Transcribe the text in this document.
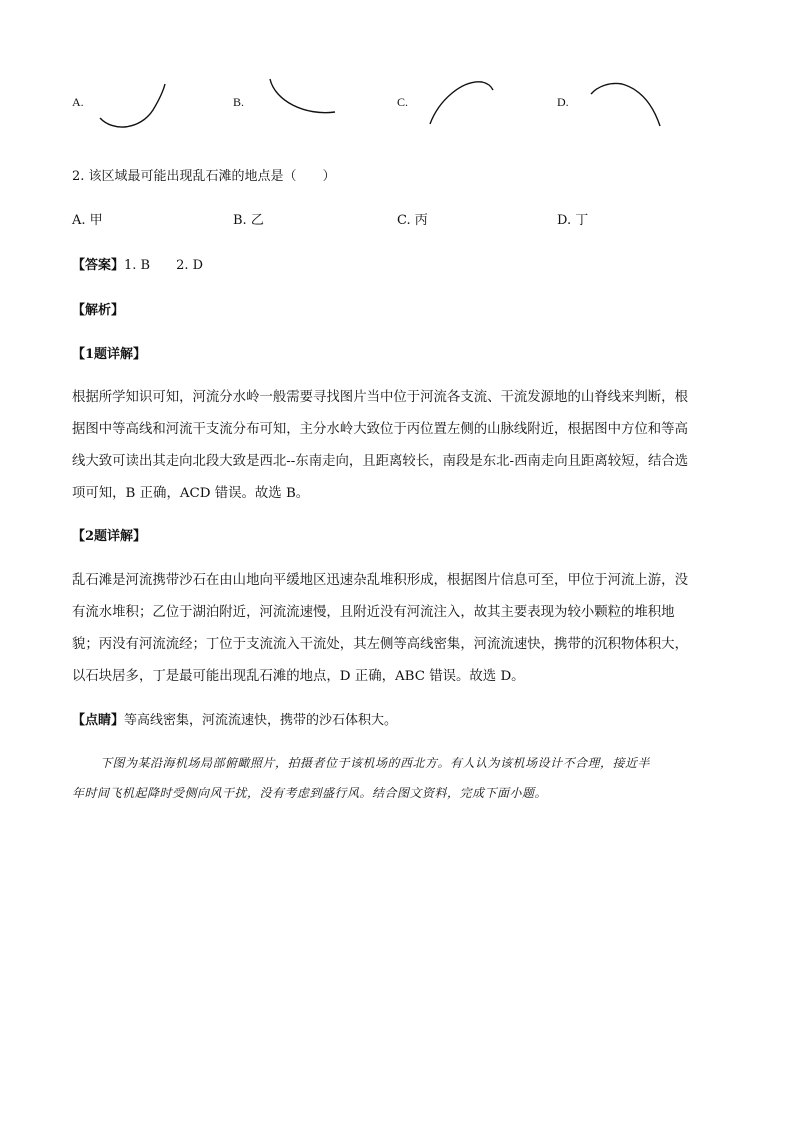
A.	B.	C.	D.
2. 该区域最可能出现乱石滩的地点是（　　）
A. 甲	B. 乙	C. 丙	D. 丁
【答案】1. B　　2. D
【解析】
【1题详解】
根据所学知识可知，河流分水岭一般需要寻找图片当中位于河流各支流、干流发源地的山脊线来判断，根
据图中等高线和河流干支流分布可知，主分水岭大致位于丙位置左侧的山脉线附近，根据图中方位和等高
线大致可读出其走向北段大致是西北--东南走向，且距离较长，南段是东北-西南走向且距离较短，结合选
项可知，B 正确，ACD 错误。故选 B。
【2题详解】
乱石滩是河流携带沙石在由山地向平缓地区迅速杂乱堆积形成，根据图片信息可至，甲位于河流上游，没
有流水堆积；乙位于湖泊附近，河流流速慢，且附近没有河流注入，故其主要表现为较小颗粒的堆积地
貌；丙没有河流流经；丁位于支流流入干流处，其左侧等高线密集，河流流速快，携带的沉积物体积大，
以石块居多，丁是最可能出现乱石滩的地点，D 正确，ABC 错误。故选 D。
【点睛】等高线密集，河流流速快，携带的沙石体积大。
下图为某沿海机场局部俯瞰照片，拍摄者位于该机场的西北方。有人认为该机场设计不合理，接近半
年时间飞机起降时受侧向风干扰，没有考虑到盛行风。结合图文资料，完成下面小题。
